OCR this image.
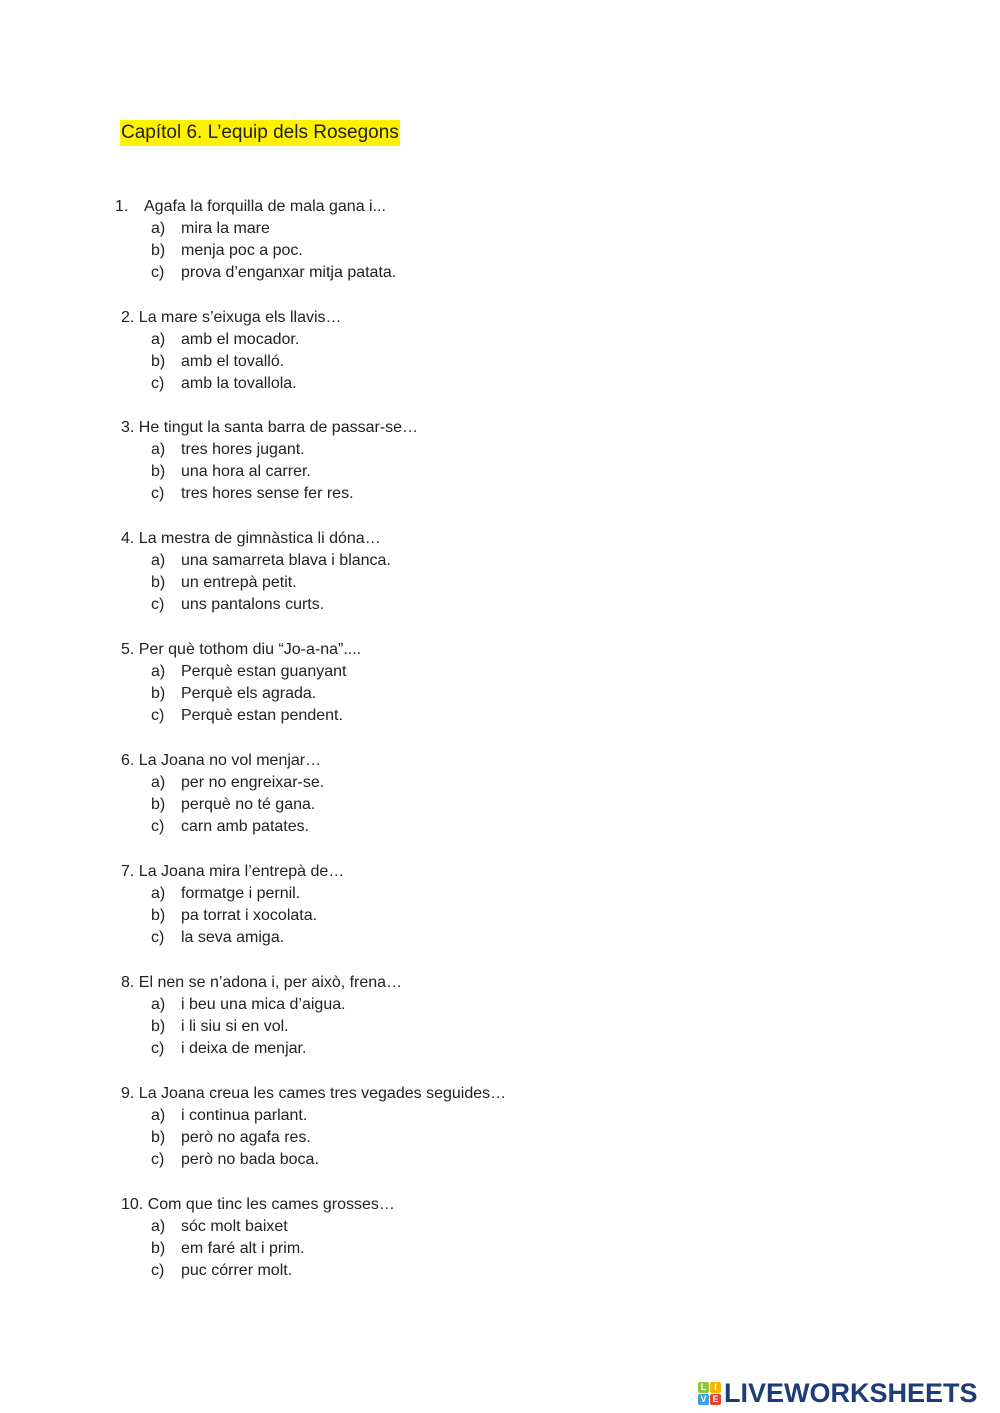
Capítol 6. L’equip dels Rosegons
1. Agafa la forquilla de mala gana i...
a) mira la mare
b) menja poc a poc.
c) prova d’enganxar mitja patata.
2. La mare s’eixuga els llavis…
a) amb el mocador.
b) amb el tovalló.
c) amb la tovallola.
3. He tingut la santa barra de passar-se…
a) tres hores jugant.
b) una hora al carrer.
c) tres hores sense fer res.
4. La mestra de gimnàstica li dóna…
a) una samarreta blava i blanca.
b) un entrepà petit.
c) uns pantalons curts.
5. Per què tothom diu “Jo-a-na”....
a) Perquè estan guanyant
b) Perquè els agrada.
c) Perquè estan pendent.
6. La Joana no vol menjar…
a) per no engreixar-se.
b) perquè no té gana.
c) carn amb patates.
7. La Joana mira l’entrepà de…
a) formatge i pernil.
b) pa torrat i xocolata.
c) la seva amiga.
8. El nen se n’adona i, per això, frena…
a) i beu una mica d’aigua.
b) i li siu si en vol.
c) i deixa de menjar.
9. La Joana creua les cames tres vegades seguides…
a) i continua parlant.
b) però no agafa res.
c) però no bada boca.
10. Com que tinc les cames grosses…
a) sóc molt baixet
b) em faré alt i prim.
c) puc córrer molt.
L I
V E LIVEWORKSHEETS
